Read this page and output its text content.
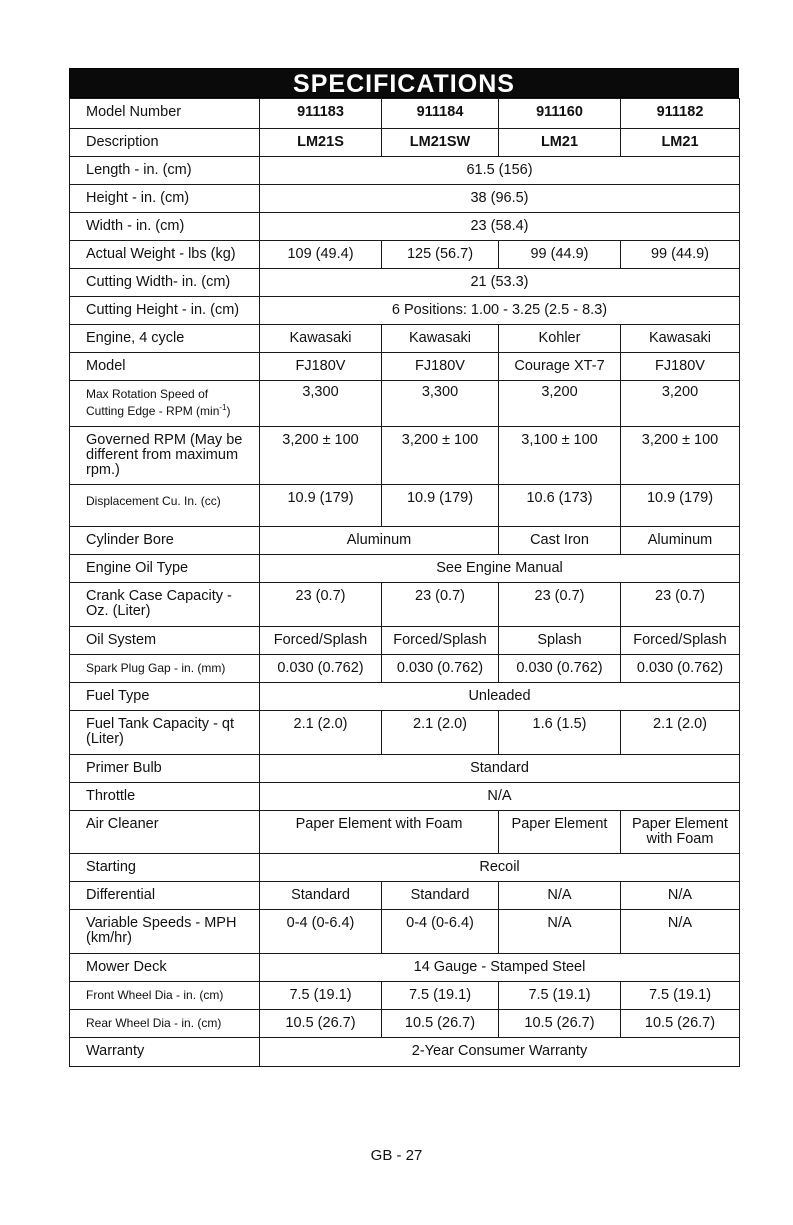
SPECIFICATIONS
Model Number	911183	911184	911160	911182
Description	LM21S	LM21SW	LM21	LM21
Length - in. (cm)	61.5 (156)			
Height - in. (cm)	38 (96.5)			
Width - in. (cm)	23 (58.4)			
Actual Weight - lbs (kg)	109 (49.4)	125 (56.7)	99 (44.9)	99 (44.9)
Cutting Width- in. (cm)	21 (53.3)			
Cutting Height - in. (cm)	6 Positions: 1.00 - 3.25 (2.5 - 8.3)			
Engine, 4 cycle	Kawasaki	Kawasaki	Kohler	Kawasaki
Model	FJ180V	FJ180V	Courage XT-7	FJ180V
Max Rotation Speed of
Cutting Edge - RPM $(\min^{-1})$	3,300	3,300	3,200	3,200
Governed RPM (May be different from maximum rpm.)	3,200 ± 100	3,200 ± 100	3,100 ± 100	3,200 ± 100
Displacement Cu. In. (cc)	10.9 (179)	10.9 (179)	10.6 (173)	10.9 (179)
Cylinder Bore	Aluminum		Cast Iron	Aluminum
Engine Oil Type	See Engine Manual			
Crank Case Capacity - Oz. (Liter)	23 (0.7)	23 (0.7)	23 (0.7)	23 (0.7)
Oil System	Forced/Splash	Forced/Splash	Splash	Forced/Splash
Spark Plug Gap - in. (mm)	0.030 (0.762)	0.030 (0.762)	0.030 (0.762)	0.030 (0.762)
Fuel Type	Unleaded			
Fuel Tank Capacity - qt (Liter)	2.1 (2.0)	2.1 (2.0)	1.6 (1.5)	2.1 (2.0)
Primer Bulb	Standard			
Throttle	N/A			
Air Cleaner	Paper Element with Foam		Paper Element	Paper Element with Foam
Starting	Recoil			
Differential	Standard	Standard	N/A	N/A
Variable Speeds - MPH (km/hr)	0-4 (0-6.4)	0-4 (0-6.4)	N/A	N/A
Mower Deck	14 Gauge - Stamped Steel			
Front Wheel Dia - in. (cm)	7.5 (19.1)	7.5 (19.1)	7.5 (19.1)	7.5 (19.1)
Rear Wheel Dia - in. (cm)	10.5 (26.7)	10.5 (26.7)	10.5 (26.7)	10.5 (26.7)
Warranty	2-Year Consumer Warranty			
GB - 27
